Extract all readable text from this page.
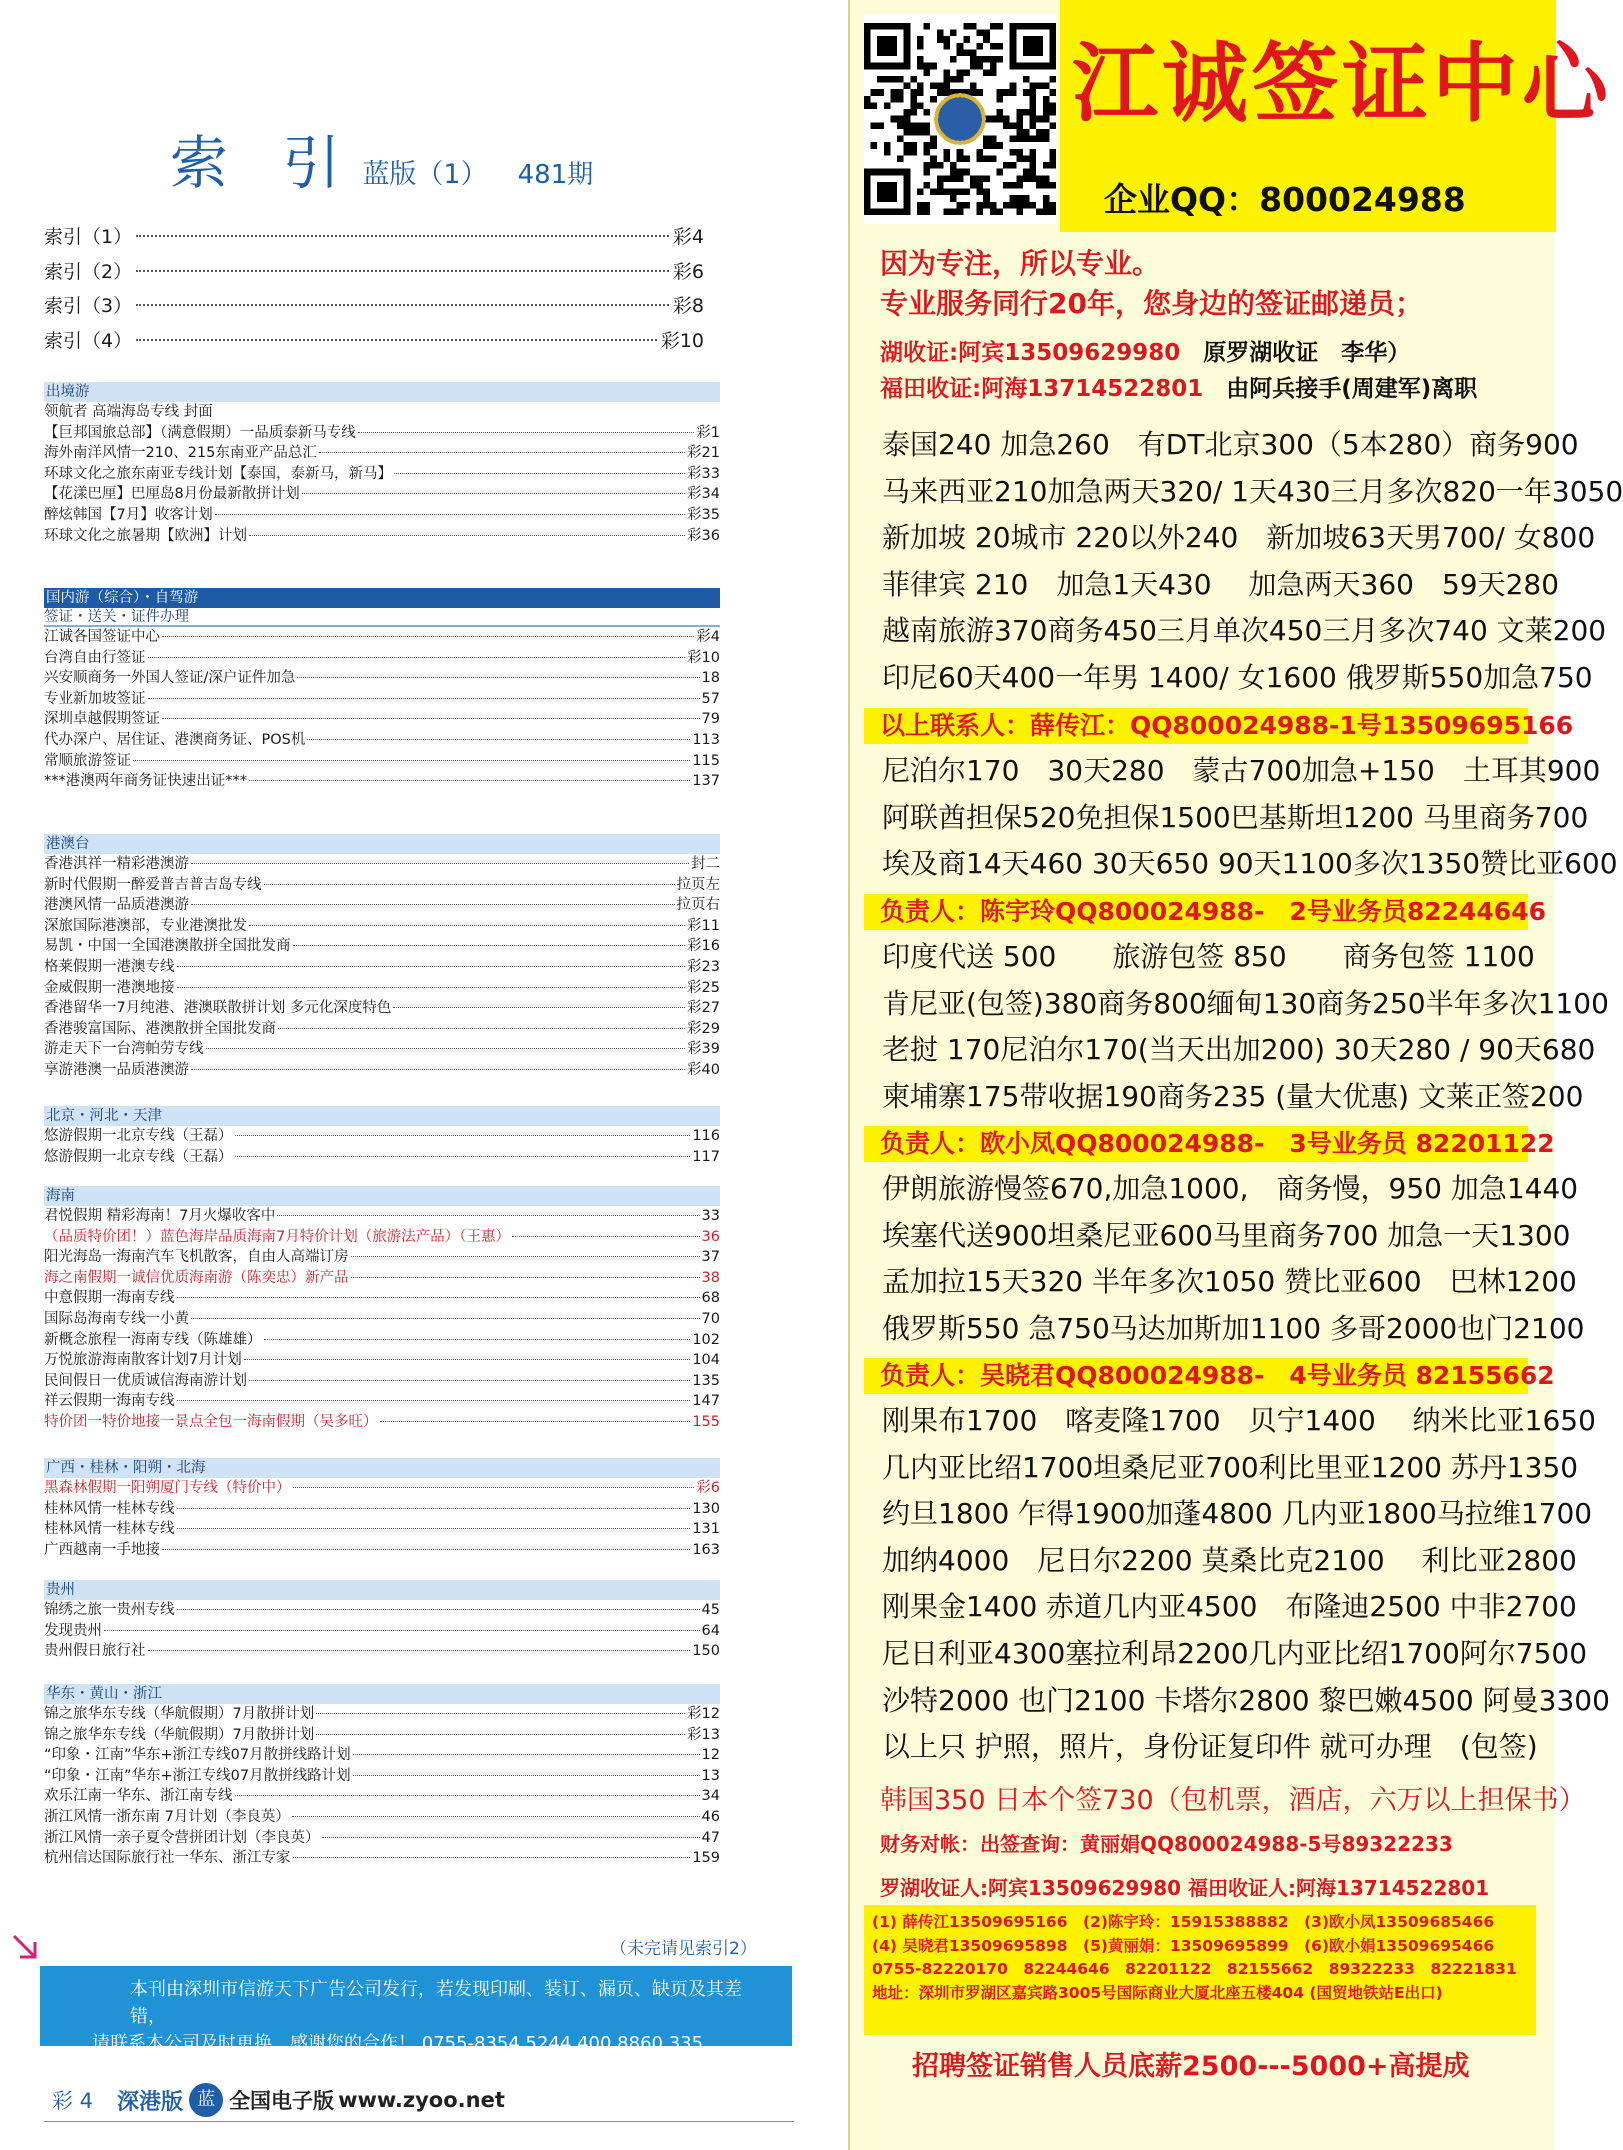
索 引 蓝版（1） 481期
索引（1）	彩4
索引（2）	彩6
索引（3）	彩8
索引（4）	彩10
出境游
领航者 高端海岛专线 封面
【巨邦国旅总部】（满意假期）一品质泰新马专线	彩1
海外南洋风情一210、215东南亚产品总汇	彩21
环球文化之旅东南亚专线计划【泰国，泰新马，新马】	彩33
【花漾巴厘】巴厘岛8月份最新散拼计划	彩34
醉炫韩国【7月】收客计划	彩35
环球文化之旅暑期【欧洲】计划	彩36
国内游（综合）・自驾游
签证・送关・证件办理
江诚各国签证中心	彩4
台湾自由行签证	彩10
兴安顺商务一外国人签证/深户证件加急	18
专业新加坡签证	57
深圳卓越假期签证	79
代办深户、居住证、港澳商务证、POS机	113
常顺旅游签证	115
***港澳两年商务证快速出证***	137
港澳台
香港淇祥一精彩港澳游	封二
新时代假期一醉爱普吉普吉岛专线	拉页左
港澳风情一品质港澳游	拉页右
深旅国际港澳部，专业港澳批发	彩11
易凯・中国一全国港澳散拼全国批发商	彩16
格莱假期一港澳专线	彩23
金威假期一港澳地接	彩25
香港留华一7月纯港、港澳联散拼计划 多元化深度特色	彩27
香港骏富国际、港澳散拼全国批发商	彩29
游走天下一台湾帕劳专线	彩39
享游港澳一品质港澳游	彩40
北京・河北・天津
悠游假期一北京专线（王磊）	116
悠游假期一北京专线（王磊）	117
海南
君悦假期 精彩海南！7月火爆收客中	33
（品质特价团！）蓝色海岸品质海南7月特价计划（旅游法产品）（王惠）	36
阳光海岛一海南汽车飞机散客，自由人高端订房	37
海之南假期一诚信优质海南游（陈奕忠）新产品	38
中意假期一海南专线	68
国际岛海南专线一小黄	70
新概念旅程一海南专线（陈雄雄）	102
万悦旅游海南散客计划7月计划	104
民间假日一优质诚信海南游计划	135
祥云假期一海南专线	147
特价团一特价地接一景点全包一海南假期（吴多旺）	155
广西・桂林・阳朔・北海
黑森林假期一阳朔厦门专线（特价中）	彩6
桂林风情一桂林专线	130
桂林风情一桂林专线	131
广西越南一手地接	163
贵州
锦绣之旅一贵州专线	45
发现贵州	64
贵州假日旅行社	150
华东・黄山・浙江
锦之旅华东专线（华航假期）7月散拼计划	彩12
锦之旅华东专线（华航假期）7月散拼计划	彩13
“印象・江南”华东+浙江专线07月散拼线路计划	12
“印象・江南”华东+浙江专线07月散拼线路计划	13
欢乐江南一华东、浙江南专线	34
浙江风情一浙东南 7月计划（李良英）	46
浙江风情一亲子夏令营拼团计划（李良英）	47
杭州信达国际旅行社一华东、浙江专家	159
（未完请见索引2）
本刊由深圳市信游天下广告公司发行，若发现印刷、装订、漏页、缺页及其差错，
请联系本公司及时更换，感谢您的合作！ 0755-8354 5244 400 8860 335
彩 4 深港版 蓝 全国电子版 www.zyoo.net
江诚签证中心
企业QQ：800024988
因为专注，所以专业。
专业服务同行20年，您身边的签证邮递员；
湖收证:阿宾13509629980　 原罗湖收证　李华）
福田收证:阿海13714522801　 由阿兵接手(周建军)离职
泰国240 加急260　有DT北京300（5本280）商务900
马来西亚210加急两天320/ 1天430三月多次820一年3050
新加坡 20城市 220以外240　新加坡63天男700/ 女800
菲律宾 210　加急1天430　 加急两天360　59天280
越南旅游370商务450三月单次450三月多次740 文莱200
印尼60天400一年男 1400/ 女1600 俄罗斯550加急750
以上联系人：薛传江：QQ800024988-1号13509695166
尼泊尔170　30天280　蒙古700加急+150　土耳其900
阿联酋担保520免担保1500巴基斯坦1200 马里商务700
埃及商14天460 30天650 90天1100多次1350赞比亚600
负责人：陈宇玲QQ800024988-　2号业务员82244646
印度代送 500　　旅游包签 850　　商务包签 1100
肯尼亚(包签)380商务800缅甸130商务250半年多次1100
老挝 170尼泊尔170(当天出加200) 30天280 / 90天680
柬埔寨175带收据190商务235 (量大优惠) 文莱正签200
负责人：欧小凤QQ800024988-　3号业务员 82201122
伊朗旅游慢签670,加急1000,　商务慢，950 加急1440
埃塞代送900坦桑尼亚600马里商务700 加急一天1300
孟加拉15天320 半年多次1050 赞比亚600　巴林1200
俄罗斯550 急750马达加斯加1100 多哥2000也门2100
负责人：吴晓君QQ800024988-　4号业务员 82155662
刚果布1700　喀麦隆1700　贝宁1400　 纳米比亚1650
几内亚比绍1700坦桑尼亚700利比里亚1200 苏丹1350
约旦1800 乍得1900加蓬4800 几内亚1800马拉维1700
加纳4000　尼日尔2200 莫桑比克2100　 利比亚2800
刚果金1400 赤道几内亚4500　布隆迪2500 中非2700
尼日利亚4300塞拉利昂2200几内亚比绍1700阿尔7500
沙特2000 也门2100 卡塔尔2800 黎巴嫩4500 阿曼3300
以上只 护照，照片，身份证复印件 就可办理　(包签)
韩国350 日本个签730（包机票，酒店，六万以上担保书）
财务对帐：出签查询：黄丽娟QQ800024988-5号89322233
罗湖收证人:阿宾13509629980 福田收证人:阿海13714522801
(1) 薛传江13509695166　(2)陈宇玲：15915388882　(3)欧小凤13509685466
(4) 吴晓君13509695898　(5)黄丽娟：13509695899　(6)欧小娟13509695466
0755-82220170　82244646　82201122　82155662　89322233　82221831
地址：深圳市罗湖区嘉宾路3005号国际商业大厦北座五楼404 (国贸地铁站E出口)
招聘签证销售人员底薪2500---5000+高提成
